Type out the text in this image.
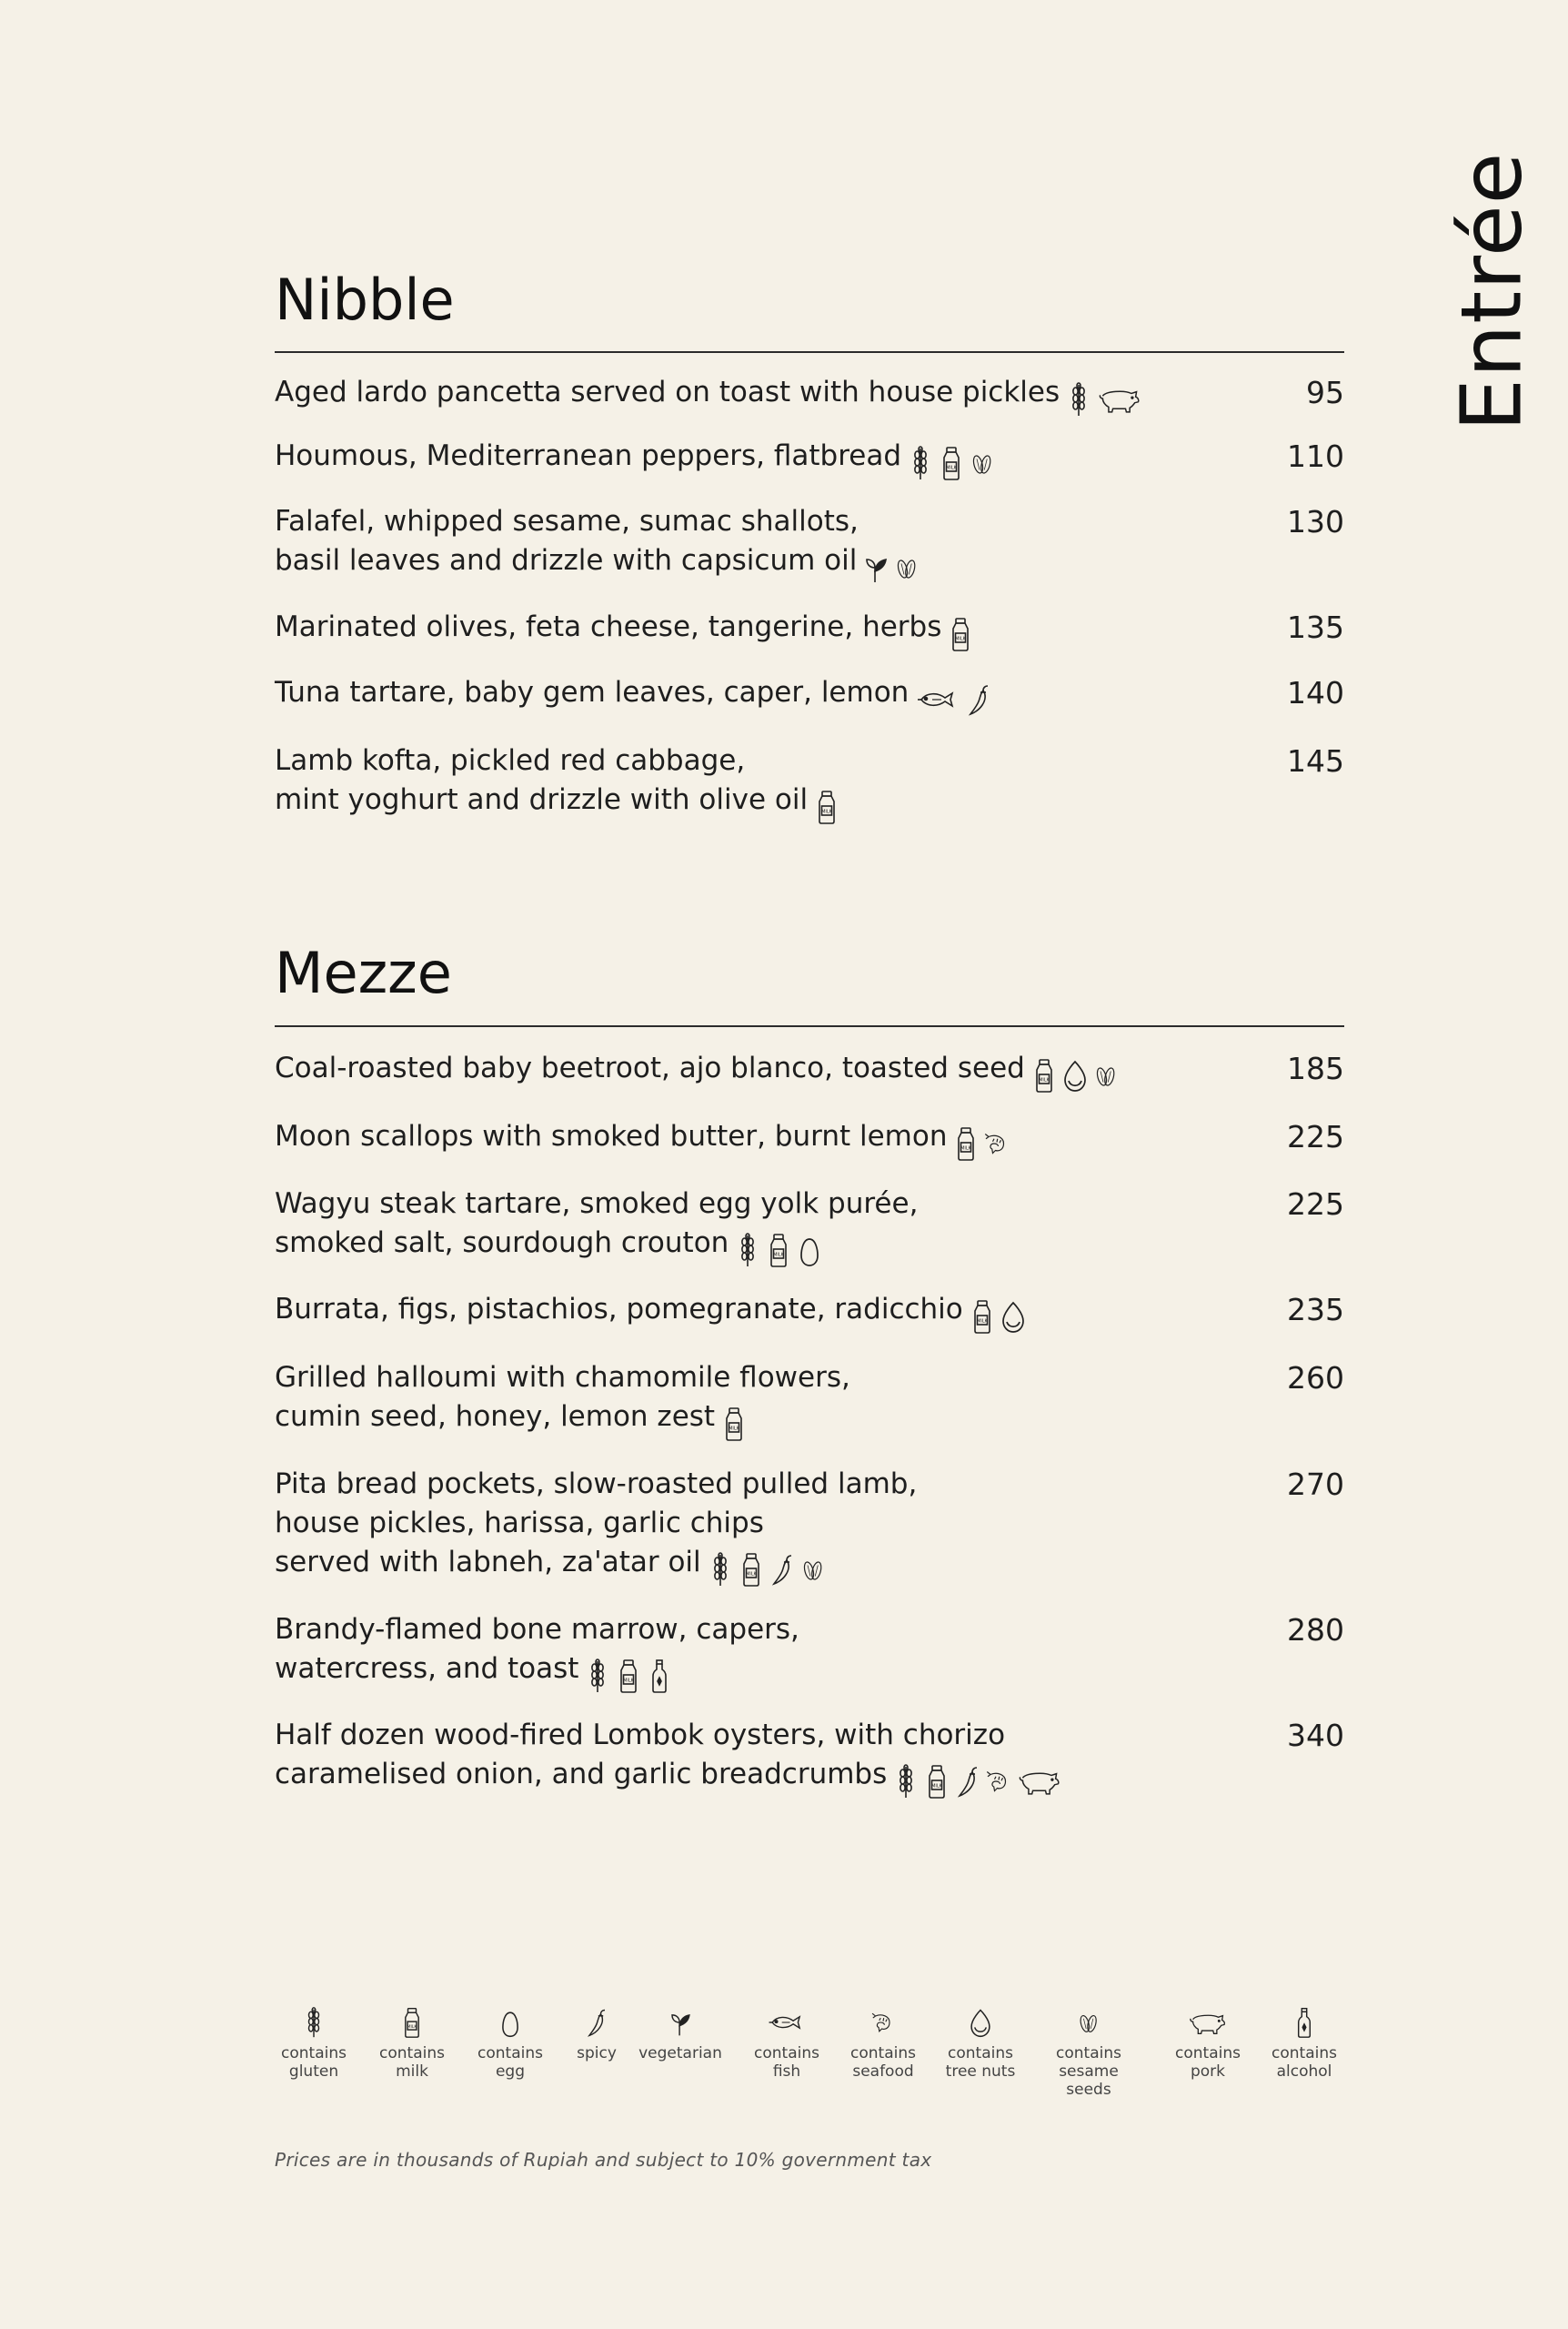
Entrée
Nibble
Aged lardo pancetta served on toast with house pickles	95
Houmous, Mediterranean peppers, flatbread	MILK	110
Falafel, whipped sesame, sumac shallots,
basil leaves and drizzle with capsicum oil
130
Marinated olives, feta cheese, tangerine, herbs	MILK	135
Tuna tartare, baby gem leaves, caper, lemon	140
Lamb kofta, pickled red cabbage,
mint yoghurt and drizzle with olive oil	MILK
145
Mezze
Coal-roasted baby beetroot, ajo blanco, toasted seed	MILK	185
Moon scallops with smoked butter, burnt lemon	MILK	225
Wagyu steak tartare, smoked egg yolk purée,
smoked salt, sourdough crouton	MILK
225
Burrata, figs, pistachios, pomegranate, radicchio	MILK	235
Grilled halloumi with chamomile flowers,
cumin seed, honey, lemon zest	MILK
260
Pita bread pockets, slow-roasted pulled lamb,
house pickles, harissa, garlic chips
served with labneh, za'atar oil	MILK
270
Brandy-flamed bone marrow, capers,
watercress, and toast	MILK
280
Half dozen wood-fired Lombok oysters, with chorizo
caramelised onion, and garlic breadcrumbs	MILK
340
contains
gluten
MILK
contains
milk
contains
egg
spicy	vegetarian	contains
fish
contains
seafood
contains
tree nuts
contains
sesame seeds
contains
pork
contains
alcohol
Prices are in thousands of Rupiah and subject to 10% government tax
